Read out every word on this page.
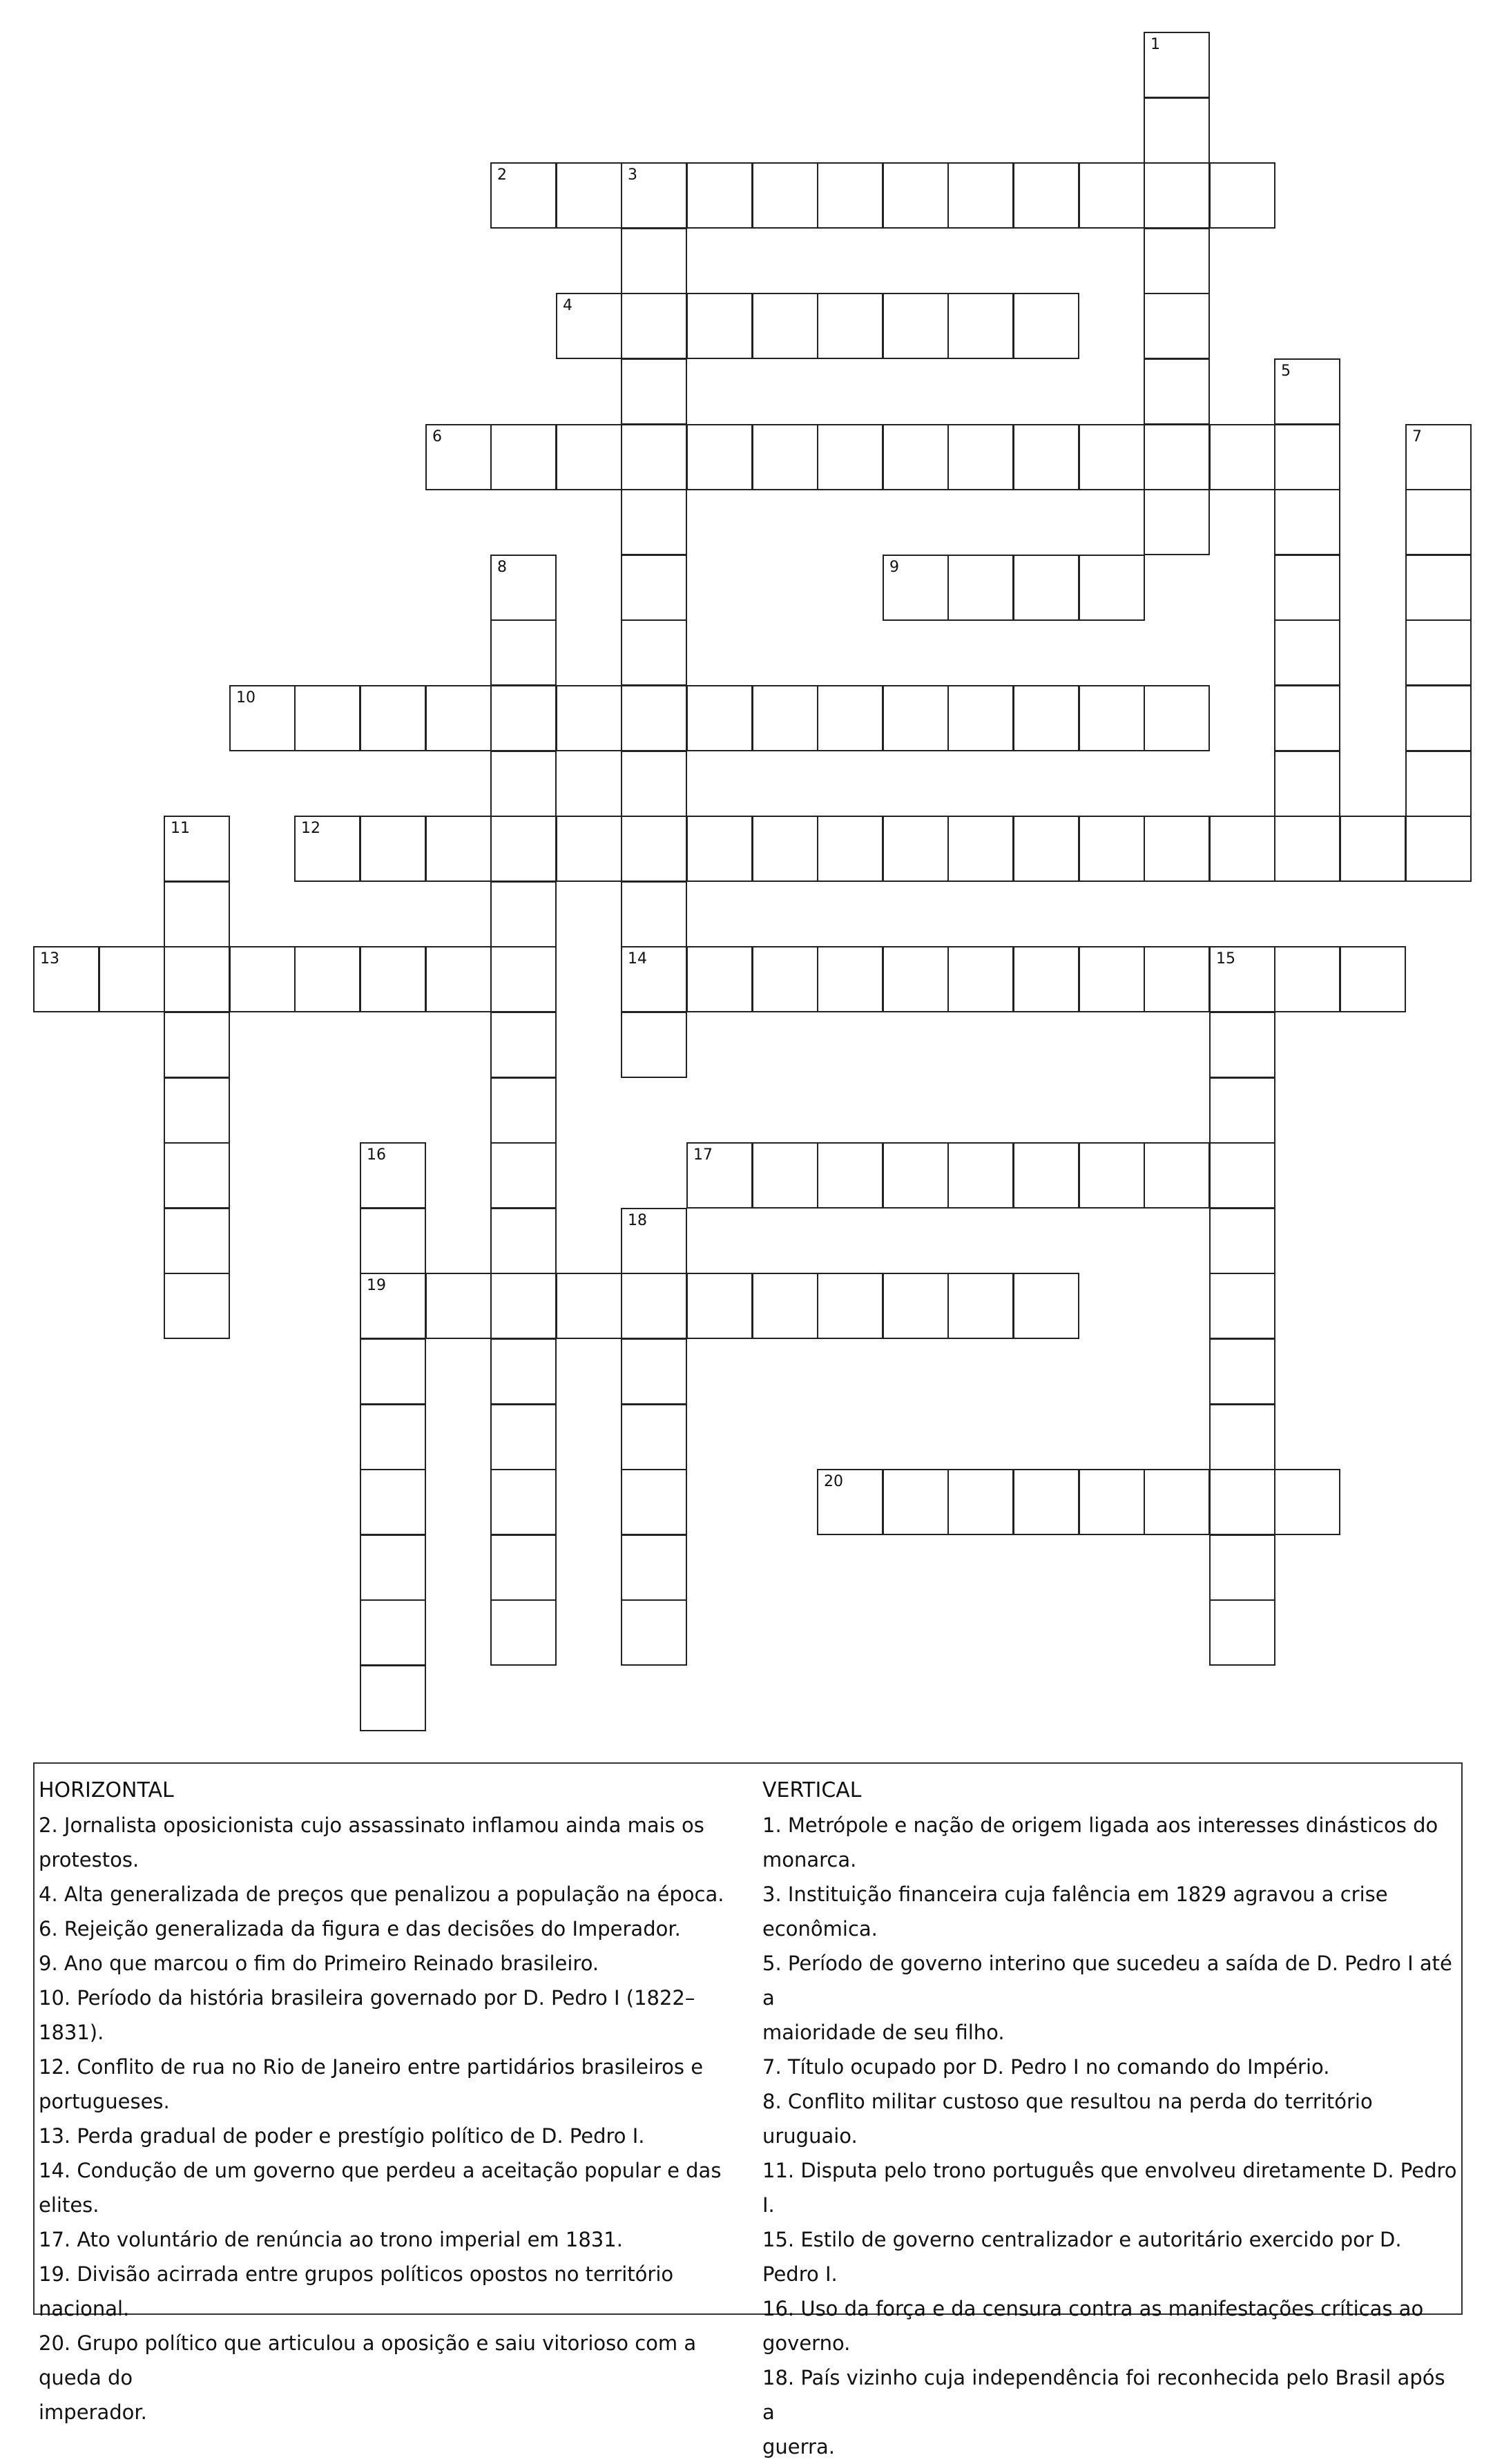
1
2	3
14
4
5
6	7
8	9
10
11	12
13	15
16
19
17
18
20
HORIZONTAL
2. Jornalista oposicionista cujo assassinato inflamou ainda mais os
protestos.
4. Alta generalizada de preços que penalizou a população na época.
6. Rejeição generalizada da figura e das decisões do Imperador.
9. Ano que marcou o fim do Primeiro Reinado brasileiro.
10. Período da história brasileira governado por D. Pedro I (1822–1831).
12. Conflito de rua no Rio de Janeiro entre partidários brasileiros e
portugueses.
13. Perda gradual de poder e prestígio político de D. Pedro I.
14. Condução de um governo que perdeu a aceitação popular e das elites.
17. Ato voluntário de renúncia ao trono imperial em 1831.
19. Divisão acirrada entre grupos políticos opostos no território nacional.
20. Grupo político que articulou a oposição e saiu vitorioso com a queda do
imperador.
VERTICAL
1. Metrópole e nação de origem ligada aos interesses dinásticos do
monarca.
3. Instituição financeira cuja falência em 1829 agravou a crise econômica.
5. Período de governo interino que sucedeu a saída de D. Pedro I até a
maioridade de seu filho.
7. Título ocupado por D. Pedro I no comando do Império.
8. Conflito militar custoso que resultou na perda do território uruguaio.
11. Disputa pelo trono português que envolveu diretamente D. Pedro I.
15. Estilo de governo centralizador e autoritário exercido por D. Pedro I.
16. Uso da força e da censura contra as manifestações críticas ao governo.
18. País vizinho cuja independência foi reconhecida pelo Brasil após a
guerra.
